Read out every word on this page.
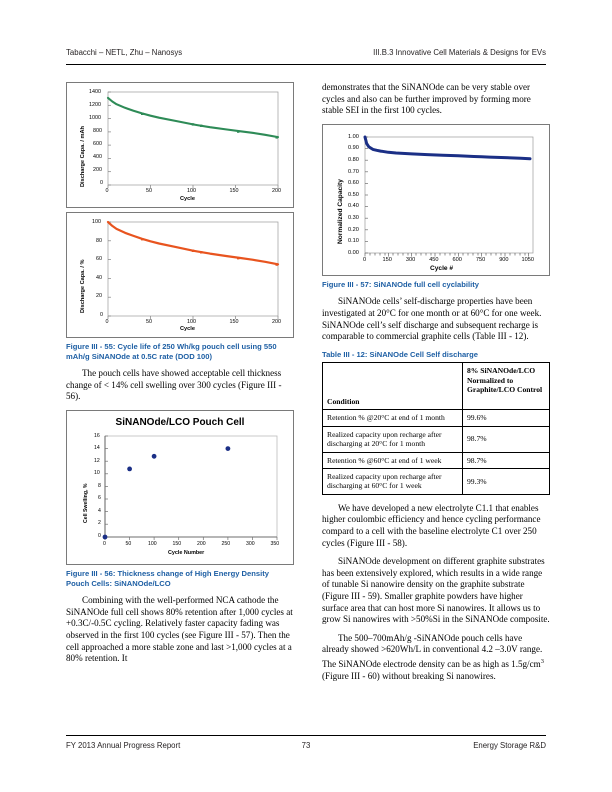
Tabacchi – NETL, Zhu – Nanosys	III.B.3 Innovative Cell Materials & Designs for EVs
Discharge Capa. / mAh
1400
1200
1000
800
600
400
200
0
0	50	100	150	200
Cycle
Discharge Capa. / %
100
80
60
40
20
0
0	50	100	150	200
Cycle
Figure III - 55: Cycle life of 250 Wh/kg pouch cell using 550 mAh/g SiNANOde at 0.5C rate (DOD 100)

The pouch cells have showed acceptable cell thickness change of < 14% cell swelling over 300 cycles (Figure III - 56).

SiNANOde/LCO Pouch Cell
Cell Swelling, %
16
14
12
10
8
6
4
2
0
0	50	100	150	200	250	300	350
Cycle Number
Figure III - 56: Thickness change of High Energy Density Pouch Cells: SiNANOde/LCO

Combining with the well-performed NCA cathode the SiNANOde full cell shows 80% retention after 1,000 cycles at +0.3C/-0.5C cycling. Relatively faster capacity fading was observed in the first 100 cycles (see Figure III - 57). Then the cell approached a more stable zone and last >1,000 cycles at a 80% retention. It

demonstrates that the SiNANOde can be very stable over cycles and also can be further improved by forming more stable SEI in the first 100 cycles.

Normalized Capacity
1.00
0.90
0.80
0.70
0.60
0.50
0.40
0.30
0.20
0.10
0.00
0	150	300 450 600	750 900 1050
Cycle #
Figure III - 57: SiNANOde full cell cyclability

SiNANOde cells’ self-discharge properties have been investigated at 20°C for one month or at 60°C for one week. SiNANOde cell’s self discharge and subsequent recharge is comparable to commercial graphite cells (Table III - 12).

Table III - 12: SiNANOde Cell Self discharge
Condition	8% SiNANOde/LCO Normalized to Graphite/LCO Control
Retention % @20°C at end of 1 month	99.6%
Realized capacity upon recharge after discharging at 20°C for 1 month	98.7%
Retention % @60°C at end of 1 week	98.7%
Realized capacity upon recharge after discharging at 60°C for 1 week	99.3%

We have developed a new electrolyte C1.1 that enables higher coulombic efficiency and hence cycling performance compard to a cell with the baseline electrolyte C1 over 250 cycles (Figure III - 58).

SiNANOde development on different graphite substrates has been extensively explored, which results in a wide range of tunable Si nanowire density on the graphite substrate (Figure III - 59). Smaller graphite powders have higher surface area that can host more Si nanowires. It allows us to grow Si nanowires with >50%Si in the SiNANOde composite.

The 500–700mAh/g -SiNANOde pouch cells have already showed >620Wh/L in conventional 4.2 –3.0V range. The SiNANOde electrode density can be as high as $1.5g/cm^3$ (Figure III - 60) without breaking Si nanowires.

FY 2013 Annual Progress Report	73	Energy Storage R&D
